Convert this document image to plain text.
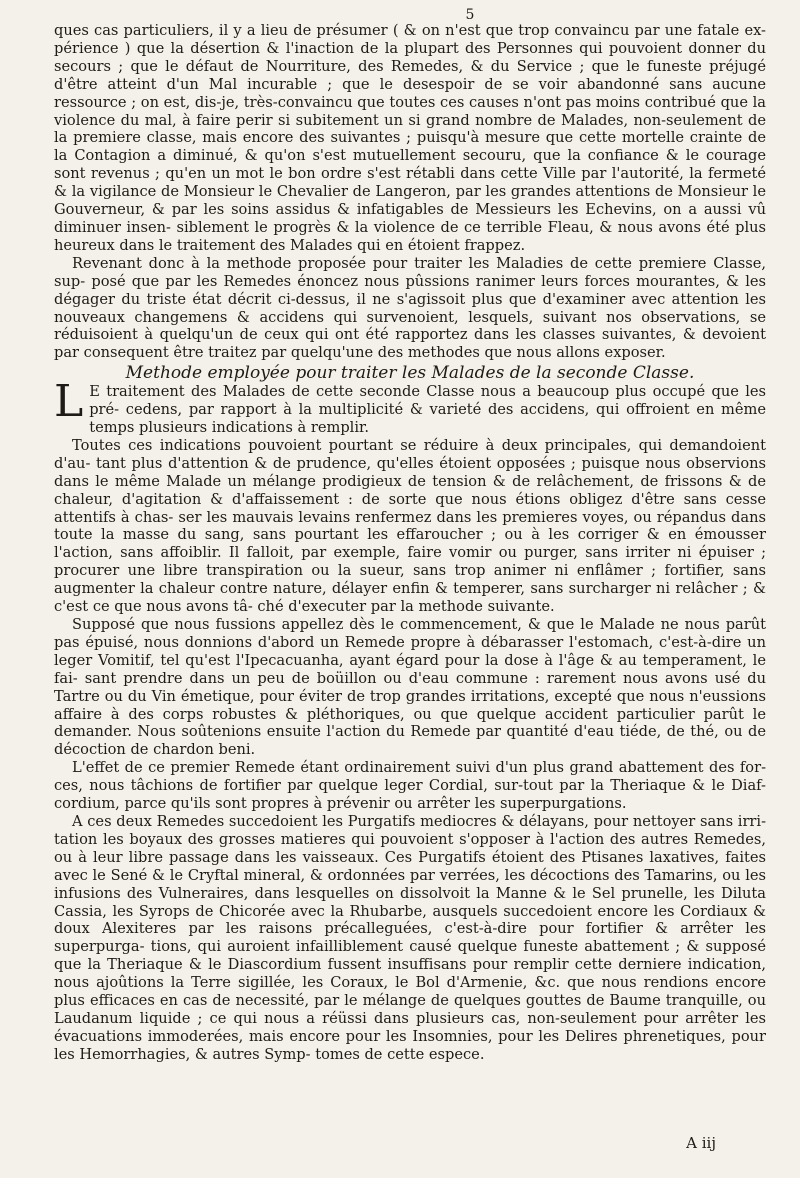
5

ques cas particuliers, il y a lieu de présumer ( & on n'est que trop convaincu par une fatale ex- périence ) que la désertion & l'inaction de la plupart des Personnes qui pouvoient donner du secours ; que le défaut de Nourriture, des Remedes, & du Service ; que le funeste préjugé d'être atteint d'un Mal incurable ; que le desespoir de se voir abandonné sans aucune ressource ; on est, dis-je, très-convaincu que toutes ces causes n'ont pas moins contribué que la violence du mal, à faire perir si subitement un si grand nombre de Malades, non-seulement de la premiere classe, mais encore des suivantes ; puisqu'à mesure que cette mortelle crainte de la Contagion a diminué, & qu'on s'est mutuellement secouru, que la confiance & le courage sont revenus ; qu'en un mot le bon ordre s'est rétabli dans cette Ville par l'autorité, la fermeté & la vigilance de Monsieur le Chevalier de Langeron, par les grandes attentions de Monsieur le Gouverneur, & par les soins assidus & infatigables de Messieurs les Echevins, on a aussi vû diminuer insen- siblement le progrès & la violence de ce terrible Fleau, & nous avons été plus heureux dans le traitement des Malades qui en étoient frappez.

Revenant donc à la methode proposée pour traiter les Maladies de cette premiere Classe, sup- posé que par les Remedes énoncez nous pûssions ranimer leurs forces mourantes, & les dégager du triste état décrit ci-dessus, il ne s'agissoit plus que d'examiner avec attention les nouveaux changemens & accidens qui survenoient, lesquels, suivant nos observations, se réduisoient à quelqu'un de ceux qui ont été rapportez dans les classes suivantes, & devoient par consequent être traitez par quelqu'une des methodes que nous allons exposer.

Methode employée pour traiter les Malades de la seconde Classe.
L E traitement des Malades de cette seconde Classe nous a beaucoup plus occupé que les pré- cedens, par rapport à la multiplicité & varieté des accidens, qui offroient en même temps plusieurs indications à remplir.

Toutes ces indications pouvoient pourtant se réduire à deux principales, qui demandoient d'au- tant plus d'attention & de prudence, qu'elles étoient opposées ; puisque nous observions dans le même Malade un mélange prodigieux de tension & de relâchement, de frissons & de chaleur, d'agitation & d'affaissement : de sorte que nous étions obligez d'être sans cesse attentifs à chas- ser les mauvais levains renfermez dans les premieres voyes, ou répandus dans toute la masse du sang, sans pourtant les effaroucher ; ou à les corriger & en émousser l'action, sans affoiblir. Il falloit, par exemple, faire vomir ou purger, sans irriter ni épuiser ; procurer une libre transpiration ou la sueur, sans trop animer ni enflâmer ; fortifier, sans augmenter la chaleur contre nature, délayer enfin & temperer, sans surcharger ni relâcher ; & c'est ce que nous avons tâ- ché d'executer par la methode suivante.

Supposé que nous fussions appellez dès le commencement, & que le Malade ne nous parût pas épuisé, nous donnions d'abord un Remede propre à débarasser l'estomach, c'est-à-dire un leger Vomitif, tel qu'est l'Ipecacuanha, ayant égard pour la dose à l'âge & au temperament, le fai- sant prendre dans un peu de boüillon ou d'eau commune : rarement nous avons usé du Tartre ou du Vin émetique, pour éviter de trop grandes irritations, excepté que nous n'eussions affaire à des corps robustes & pléthoriques, ou que quelque accident particulier parût le demander. Nous soûtenions ensuite l'action du Remede par quantité d'eau tiéde, de thé, ou de décoction de chardon beni.

L'effet de ce premier Remede étant ordinairement suivi d'un plus grand abattement des for- ces, nous tâchions de fortifier par quelque leger Cordial, sur-tout par la Theriaque & le Diaf- cordium, parce qu'ils sont propres à prévenir ou arrêter les superpurgations.

A ces deux Remedes succedoient les Purgatifs mediocres & délayans, pour nettoyer sans irri- tation les boyaux des grosses matieres qui pouvoient s'opposer à l'action des autres Remedes, ou à leur libre passage dans les vaisseaux. Ces Purgatifs étoient des Ptisanes laxatives, faites avec le Sené & le Cryftal mineral, & ordonnées par verrées, les décoctions des Tamarins, ou les infusions des Vulneraires, dans lesquelles on dissolvoit la Manne & le Sel prunelle, les Diluta Cassia, les Syrops de Chicorée avec la Rhubarbe, ausquels succedoient encore les Cordiaux & doux Alexiteres par les raisons précalleguées, c'est-à-dire pour fortifier & arrêter les superpurga- tions, qui auroient infailliblement causé quelque funeste abattement ; & supposé que la Theriaque & le Diascordium fussent insuffisans pour remplir cette derniere indication, nous ajoûtions la Terre sigillée, les Coraux, le Bol d'Armenie, &c. que nous rendions encore plus efficaces en cas de necessité, par le mélange de quelques gouttes de Baume tranquille, ou Laudanum liquide ; ce qui nous a réüssi dans plusieurs cas, non-seulement pour arrêter les évacuations immoderées, mais encore pour les Insomnies, pour les Delires phrenetiques, pour les Hemorrhagies, & autres Symp- tomes de cette espece.

A iij
